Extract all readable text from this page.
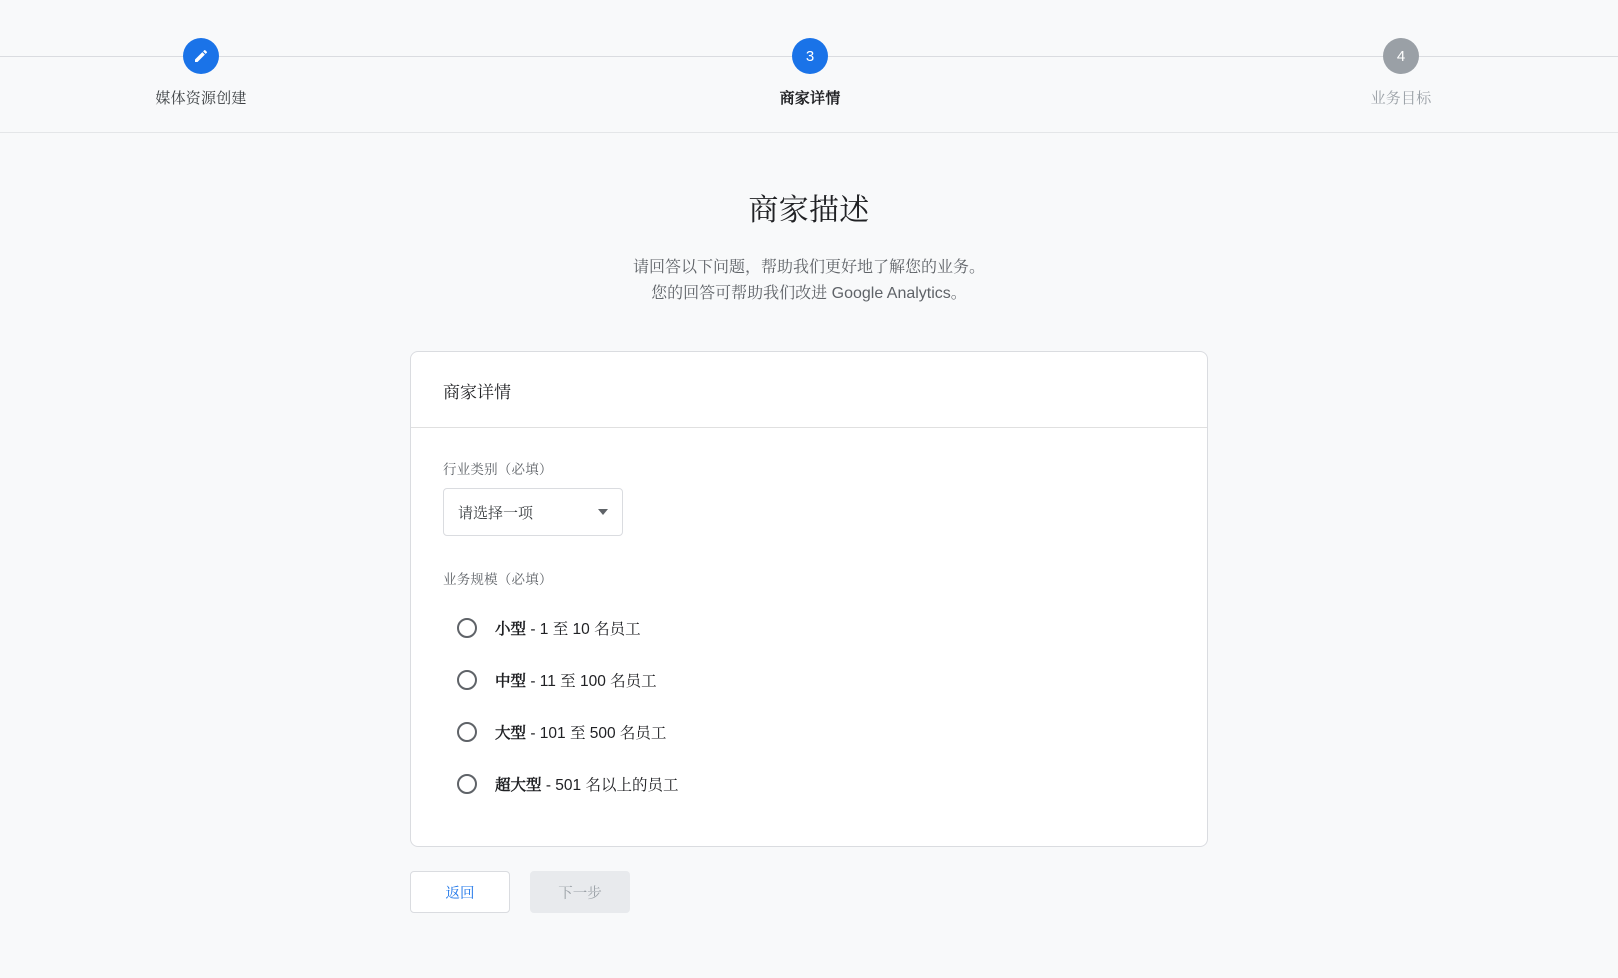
媒体资源创建
3
商家详情
4
业务目标
商家描述
请回答以下问题，帮助我们更好地了解您的业务。
您的回答可帮助我们改进 Google Analytics。
商家详情
行业类别（必填）
请选择一项
业务规模（必填）
小型 - 1 至 10 名员工
中型 - 11 至 100 名员工
大型 - 101 至 500 名员工
超大型 - 501 名以上的员工
返回	下一步
